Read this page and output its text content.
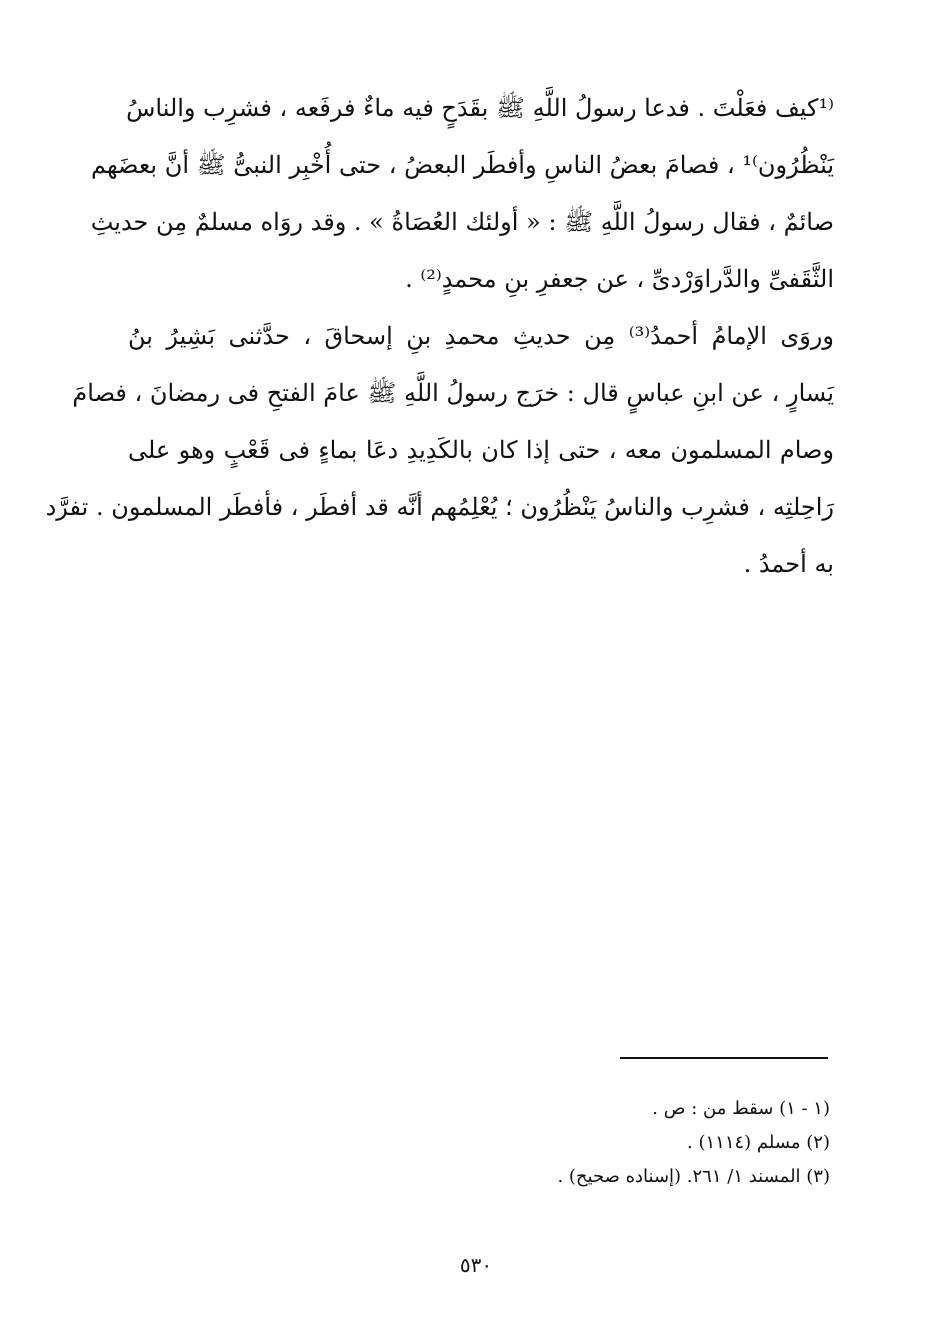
⁽¹كيف فعَلْتَ . فدعا رسولُ اللَّهِ ﷺ بقَدَحٍ فيه ماءٌ فرفَعه ، فشرِب والناسُ
يَنْظُرُون⁾¹ ، فصامَ بعضُ الناسِ وأفطَر البعضُ ، حتى أُخْبِر النبىُّ ﷺ أنَّ بعضَهم
صائمٌ ، فقال رسولُ اللَّهِ ﷺ : « أولئك العُصَاةُ » . وقد روَاه مسلمٌ مِن حديثِ
الثَّقَفىِّ والدَّراوَرْدىِّ ، عن جعفرِ بنِ محمدٍ⁽²⁾ .
وروَى الإمامُ أحمدُ⁽³⁾ مِن حديثِ محمدِ بنِ إسحاقَ ، حدَّثنى بَشِيرُ بنُ
يَسارٍ ، عن ابنِ عباسٍ قال : خرَج رسولُ اللَّهِ ﷺ عامَ الفتحِ فى رمضانَ ، فصامَ
وصام المسلمون معه ، حتى إذا كان بالكَدِيدِ دعَا بماءٍ فى قَعْبٍ وهو على
رَاحِلتِه ، فشرِب والناسُ يَنْظُرُون ؛ يُعْلِمُهم أنَّه قد أفطَر ، فأفطَر المسلمون . تفرَّد
به أحمدُ .
(١ - ١) سقط من : ص .
(٢) مسلم (١١١٤) .
(٣) المسند ١/ ٢٦١. (إسناده صحيح) .
٥٣٠
